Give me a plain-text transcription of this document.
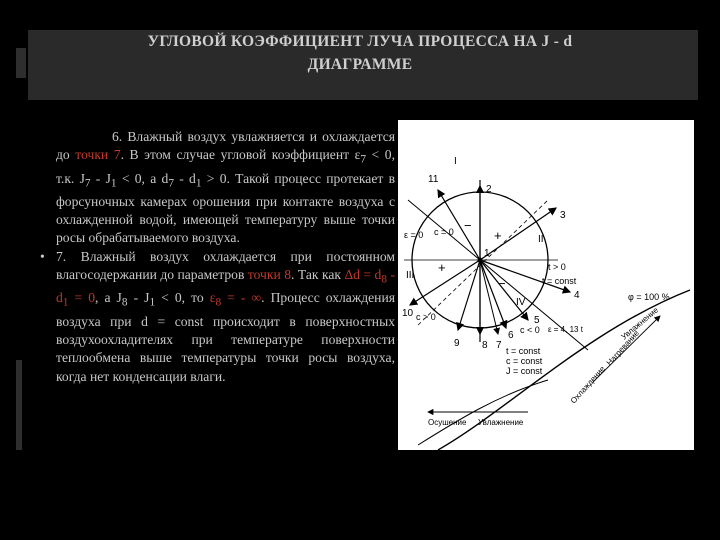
УГЛОВОЙ КОЭФФИЦИЕНТ ЛУЧА ПРОЦЕССА НА J - d
ДИАГРАММЕ

6. Влажный воздух увлажняется и охлаждается до точки 7. В этом случае угловой коэффициент $\varepsilon_7 < 0$, т.к. $J_7 - J_1 < 0$, а $d_7 - d_1 > 0$. Такой процесс протекает в форсуночных камерах орошения при контакте воздуха с охлажденной водой, имеющей температуру выше точки росы обрабатываемого воздуха.

• 7. Влажный воздух охлаждается при постоянном влагосодержании до параметров точки 8. Так как $\Delta d = d_8 - d_1 = 0$, а $J_8 - J_1 < 0$, то $\varepsilon_8$ = - ∞. Процесс охлаждения воздуха при d = const происходит в поверхностных воздухоохладителях при температуре поверхности теплообмена выше температуры точки росы воздуха, когда нет конденсации влаги.

11
I
ε = 0
2
3
II
III
1
10
IV
6
5
4
9 8 7
c = 0
c > 0
c < 0
t > 0
t = const
φ = 100 %
ε = 4, 13 t
t = const
c = const
J = const
+
−
+
−
Охлаждение
Нагревание
Увлажнение
Осушение Увлажнение
